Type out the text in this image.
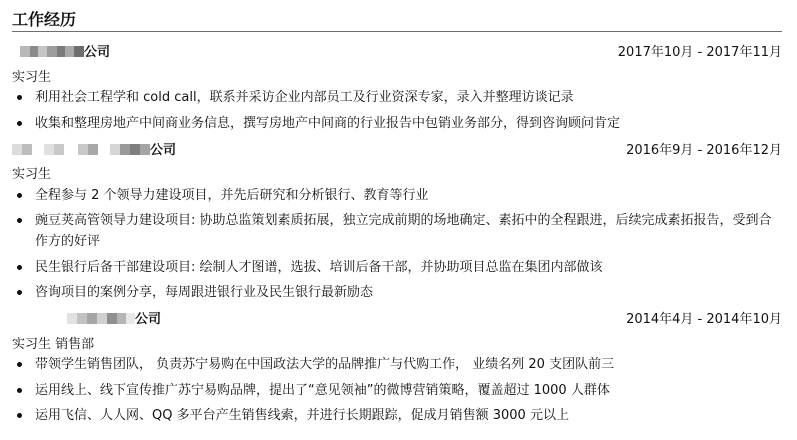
工作经历
公司	2017年10月 - 2017年11月
实习生
利用社会工程学和 cold call，联系并采访企业内部员工及行业资深专家，录入并整理访谈记录
收集和整理房地产中间商业务信息，撰写房地产中间商的行业报告中包销业务部分，得到咨询顾问肯定
公司	2016年9月 - 2016年12月
实习生
全程参与 2 个领导力建设项目，并先后研究和分析银行、教育等行业
豌豆荚高管领导力建设项目: 协助总监策划素质拓展，独立完成前期的场地确定、素拓中的全程跟进，后续完成素拓报告，受到合作方的好评
民生银行后备干部建设项目: 绘制人才图谱，选拔、培训后备干部，并协助项目总监在集团内部做该
咨询项目的案例分享，每周跟进银行业及民生银行最新励态
公司	2014年4月 - 2014年10月
实习生 销售部
带领学生销售团队， 负责苏宁易购在中国政法大学的品牌推广与代购工作， 业绩名列 20 支团队前三
运用线上、线下宣传推广苏宁易购品牌，提出了“意见领袖”的微博营销策略，覆盖超过 1000 人群体
运用飞信、人人网、QQ 多平台产生销售线索，并进行长期跟踪，促成月销售额 3000 元以上
